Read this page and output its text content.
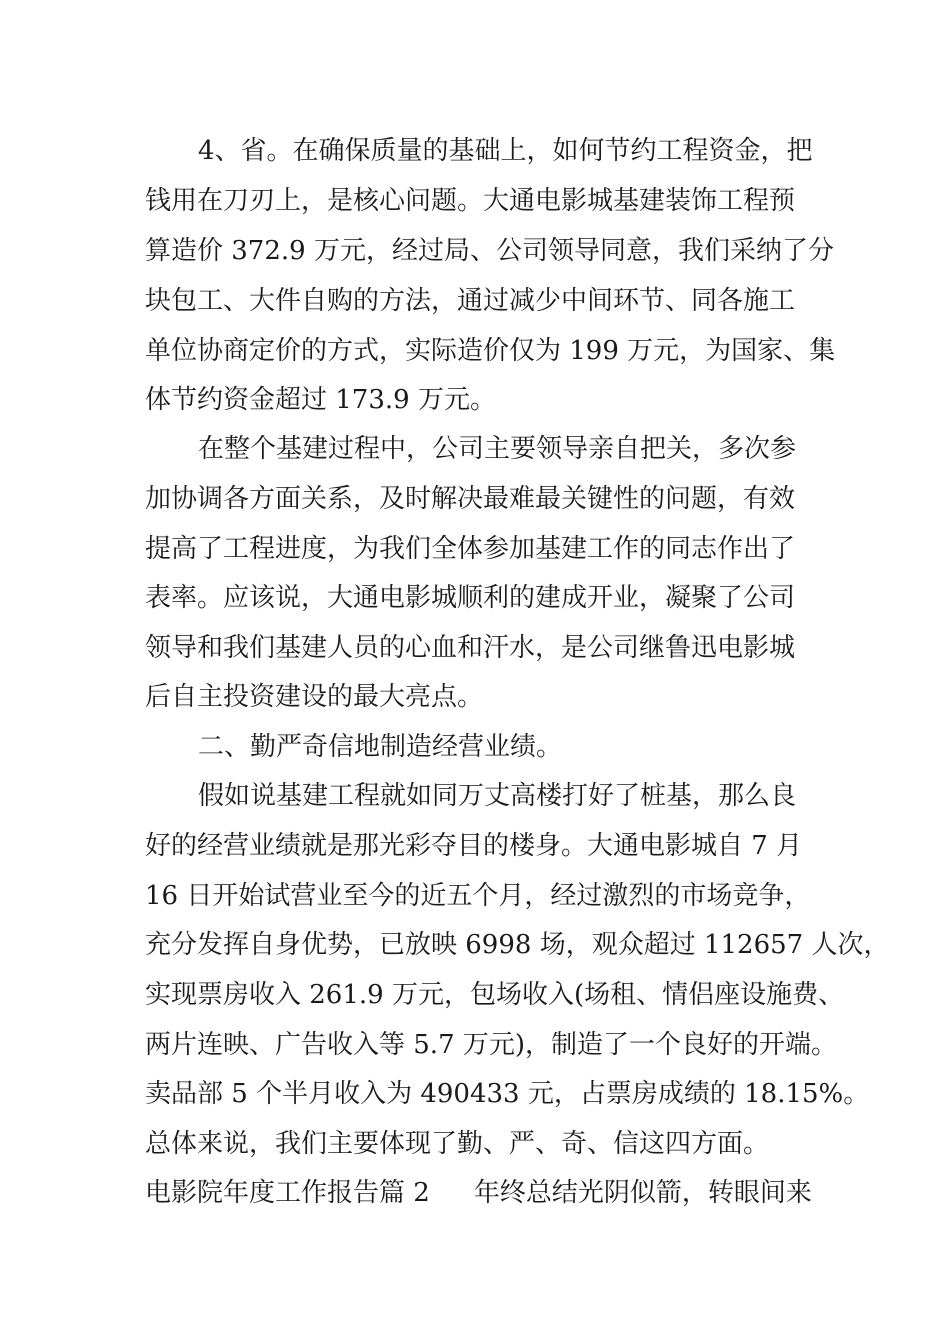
4、省。在确保质量的基础上，如何节约工程资金，把
钱用在刀刃上，是核心问题。大通电影城基建装饰工程预
算造价 372.9 万元，经过局、公司领导同意，我们采纳了分
块包工、大件自购的方法，通过减少中间环节、同各施工
单位协商定价的方式，实际造价仅为 199 万元，为国家、集
体节约资金超过 173.9 万元。
在整个基建过程中，公司主要领导亲自把关，多次参
加协调各方面关系，及时解决最难最关键性的问题，有效
提高了工程进度，为我们全体参加基建工作的同志作出了
表率。应该说，大通电影城顺利的建成开业，凝聚了公司
领导和我们基建人员的心血和汗水，是公司继鲁迅电影城
后自主投资建设的最大亮点。
二、勤严奇信地制造经营业绩。
假如说基建工程就如同万丈高楼打好了桩基，那么良
好的经营业绩就是那光彩夺目的楼身。大通电影城自 7 月
16 日开始试营业至今的近五个月，经过激烈的市场竞争，
充分发挥自身优势，已放映 6998 场，观众超过 112657 人次，
实现票房收入 261.9 万元，包场收入(场租、情侣座设施费、
两片连映、广告收入等 5.7 万元)，制造了一个良好的开端。
卖品部 5 个半月收入为 490433 元，占票房成绩的 18.15%。
总体来说，我们主要体现了勤、严、奇、信这四方面。
电影院年度工作报告篇 2 年终总结光阴似箭，转眼间来
